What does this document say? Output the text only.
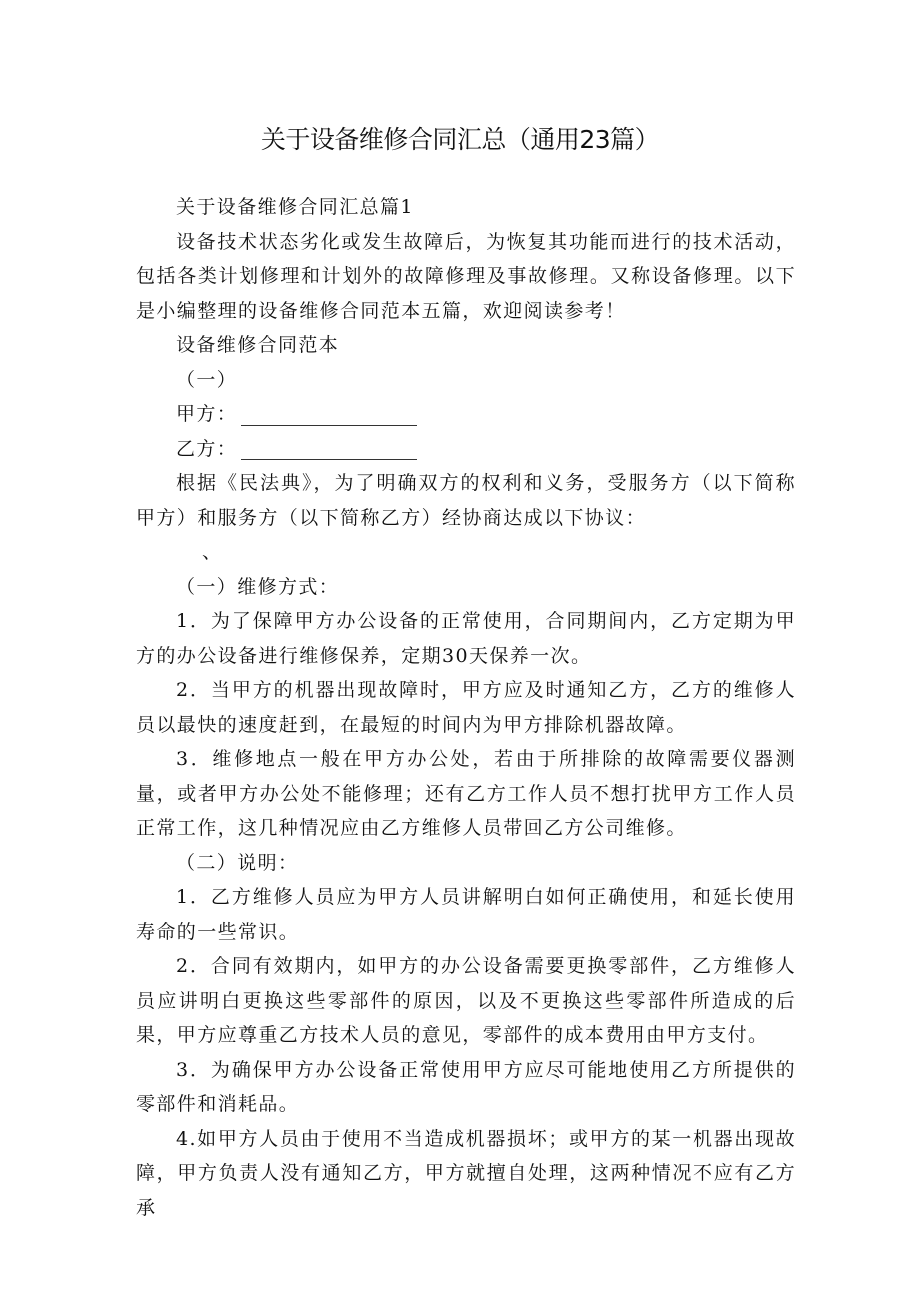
关于设备维修合同汇总（通用23篇）

关于设备维修合同汇总篇1

设备技术状态劣化或发生故障后，为恢复其功能而进行的技术活动，包括各类计划修理和计划外的故障修理及事故修理。又称设备修理。以下是小编整理的设备维修合同范本五篇，欢迎阅读参考！

设备维修合同范本

（一）

甲方：

乙方：

根据《民法典》，为了明确双方的权利和义务，受服务方（以下简称甲方）和服务方（以下简称乙方）经协商达成以下协议：

、

（一）维修方式：

1．为了保障甲方办公设备的正常使用，合同期间内，乙方定期为甲方的办公设备进行维修保养，定期30天保养一次。

2．当甲方的机器出现故障时，甲方应及时通知乙方，乙方的维修人员以最快的速度赶到，在最短的时间内为甲方排除机器故障。

3．维修地点一般在甲方办公处，若由于所排除的故障需要仪器测量，或者甲方办公处不能修理；还有乙方工作人员不想打扰甲方工作人员正常工作，这几种情况应由乙方维修人员带回乙方公司维修。

（二）说明：

1．乙方维修人员应为甲方人员讲解明白如何正确使用，和延长使用寿命的一些常识。

2．合同有效期内，如甲方的办公设备需要更换零部件，乙方维修人员应讲明白更换这些零部件的原因，以及不更换这些零部件所造成的后果，甲方应尊重乙方技术人员的意见，零部件的成本费用由甲方支付。

3．为确保甲方办公设备正常使用甲方应尽可能地使用乙方所提供的零部件和消耗品。

4.如甲方人员由于使用不当造成机器损坏；或甲方的某一机器出现故障，甲方负责人没有通知乙方，甲方就擅自处理，这两种情况不应有乙方承
